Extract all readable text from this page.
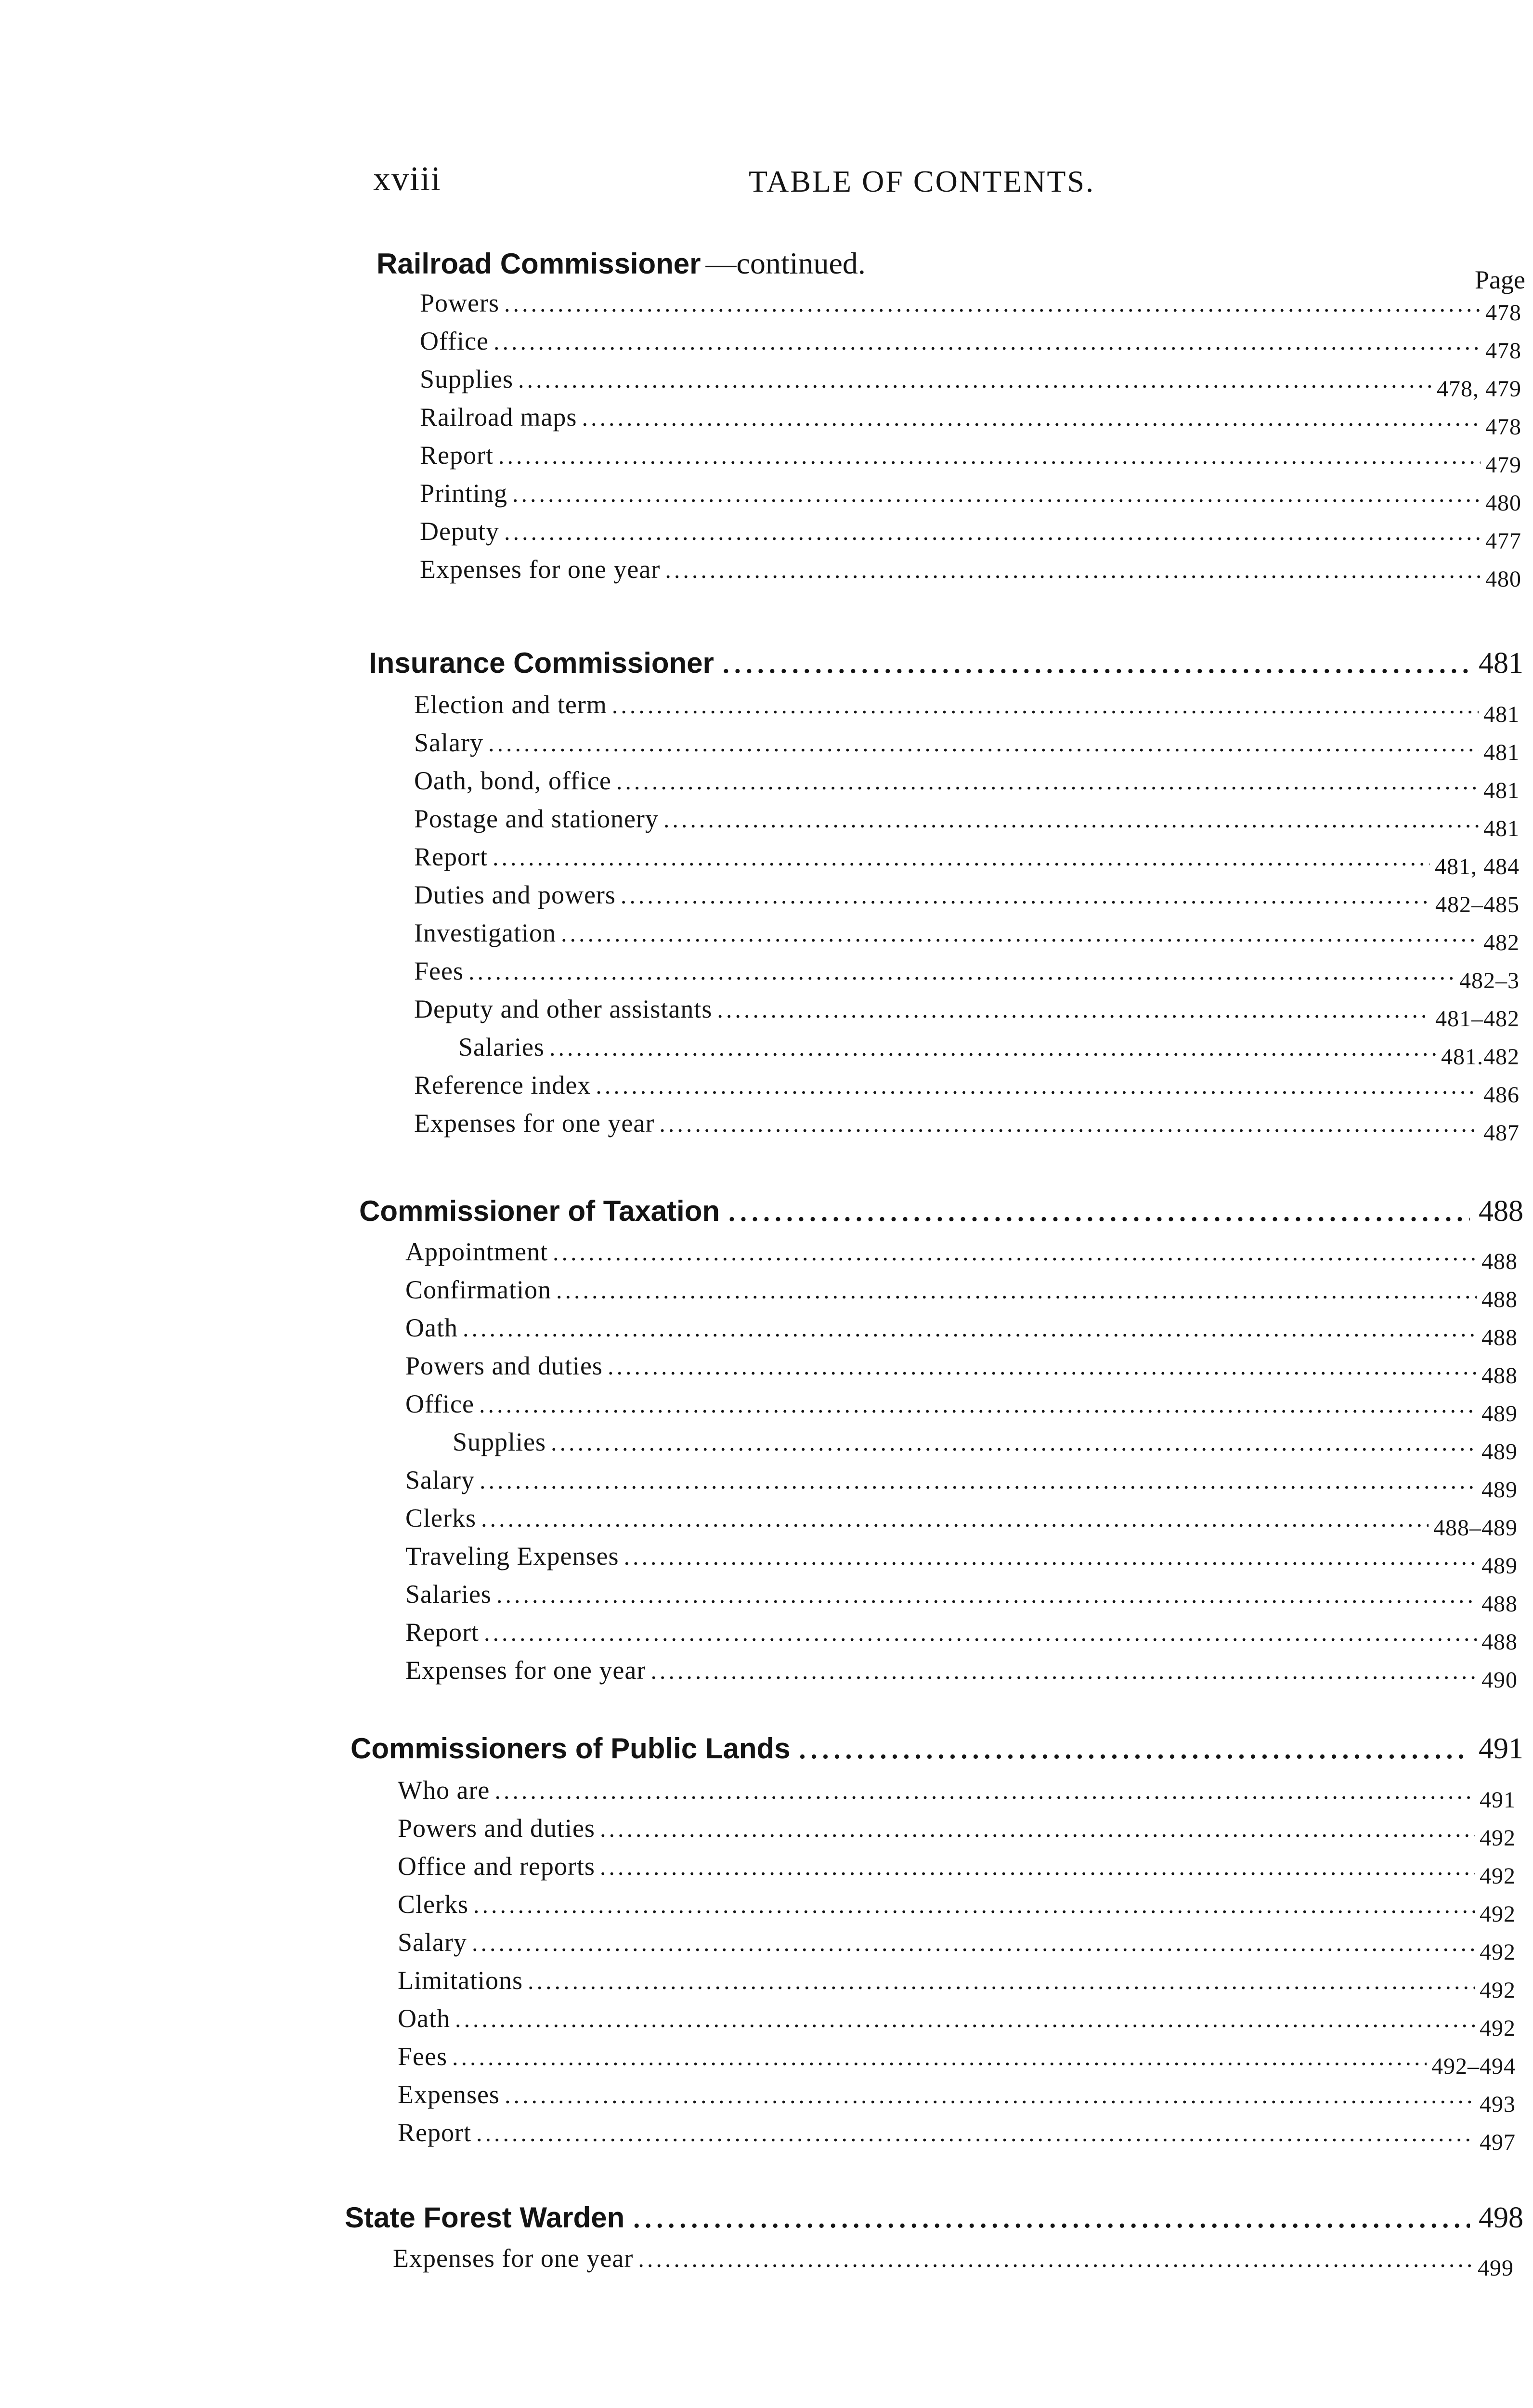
xviii	TABLE OF CONTENTS.
Railroad Commissioner —continued.	Page
Powers .....	478
Office .....	478
Supplies .....	478, 479
Railroad maps .....	478
Report .....	479
Printing .....	480
Deputy .....	477
Expenses for one year .....	480
Insurance Commissioner .....	481
Election and term .....	481
Salary .....	481
Oath, bond, office .....	481
Postage and stationery .....	481
Report .....	481, 484
Duties and powers .....	482–485
Investigation .....	482
Fees .....	482–3
Deputy and other assistants .....	481–482
Salaries .....	481.482
Reference index .....	486
Expenses for one year .....	487
Commissioner of Taxation .....	488
Appointment .....	488
Confirmation .....	488
Oath .....	488
Powers and duties .....	488
Office .....	489
Supplies .....	489
Salary .....	489
Clerks .....	488–489
Traveling Expenses .....	489
Salaries .....	488
Report .....	488
Expenses for one year .....	490
Commissioners of Public Lands .....	491
Who are .....	491
Powers and duties .....	492
Office and reports .....	492
Clerks .....	492
Salary .....	492
Limitations .....	492
Oath .....	492
Fees .....	492–494
Expenses .....	493
Report .....	497
State Forest Warden .....	498
Expenses for one year .....	499
